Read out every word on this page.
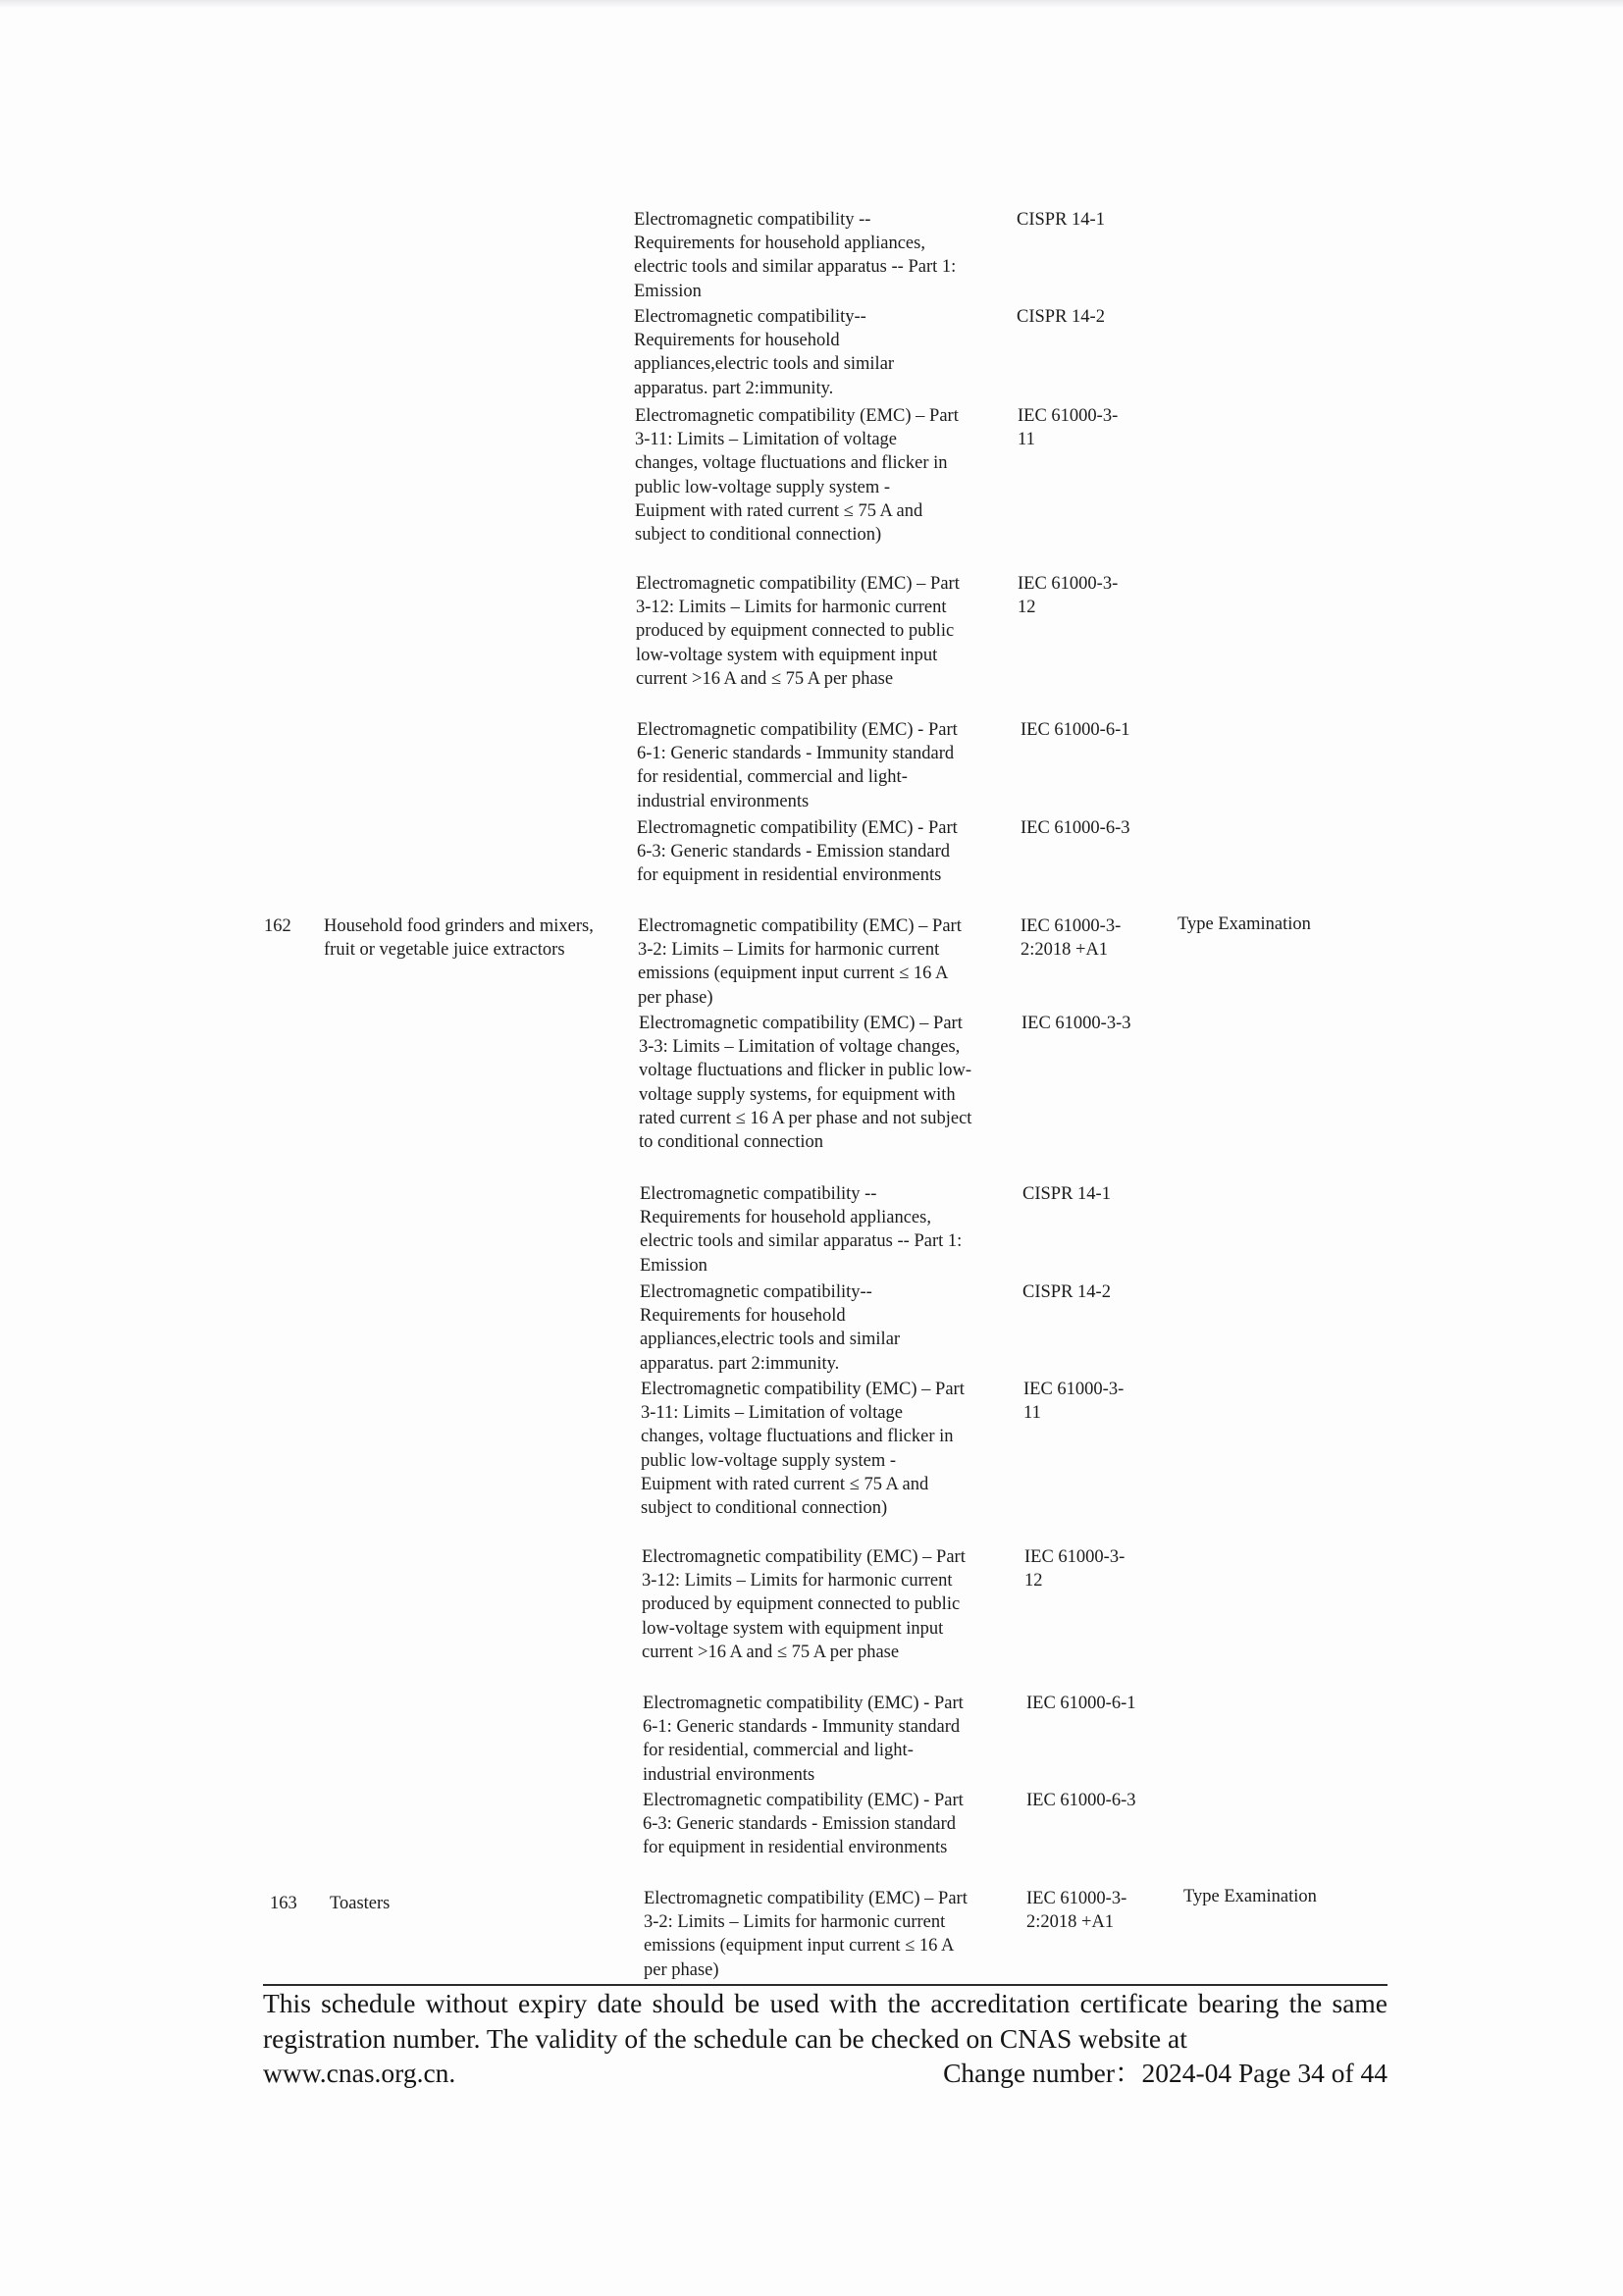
Electromagnetic compatibility -- Requirements for household appliances, electric tools and similar apparatus -- Part 1: Emission
CISPR 14-1
Electromagnetic compatibility-- Requirements for household appliances,electric tools and similar apparatus. part 2:immunity.
CISPR 14-2
Electromagnetic compatibility (EMC) – Part 3-11: Limits – Limitation of voltage changes, voltage fluctuations and flicker in public low-voltage supply system - Euipment with rated current ≤ 75 A and subject to conditional connection)
IEC 61000-3-11
Electromagnetic compatibility (EMC) – Part 3-12: Limits – Limits for harmonic current produced by equipment connected to public low-voltage system with equipment input current >16 A and ≤ 75 A per phase
IEC 61000-3-12
Electromagnetic compatibility (EMC) - Part 6-1: Generic standards - Immunity standard for residential, commercial and light-industrial environments
IEC 61000-6-1
Electromagnetic compatibility (EMC) - Part 6-3: Generic standards - Emission standard for equipment in residential environments
IEC 61000-6-3
162	Household food grinders and mixers, fruit or vegetable juice extractors
Electromagnetic compatibility (EMC) – Part 3-2: Limits – Limits for harmonic current emissions (equipment input current ≤ 16 A per phase)
IEC 61000-3-2:2018 +A1
Type Examination
Electromagnetic compatibility (EMC) – Part 3-3: Limits – Limitation of voltage changes, voltage fluctuations and flicker in public low-voltage supply systems, for equipment with rated current ≤ 16 A per phase and not subject to conditional connection
IEC 61000-3-3
Electromagnetic compatibility -- Requirements for household appliances, electric tools and similar apparatus -- Part 1: Emission
CISPR 14-1
Electromagnetic compatibility-- Requirements for household appliances,electric tools and similar apparatus. part 2:immunity.
CISPR 14-2
Electromagnetic compatibility (EMC) – Part 3-11: Limits – Limitation of voltage changes, voltage fluctuations and flicker in public low-voltage supply system - Euipment with rated current ≤ 75 A and subject to conditional connection)
IEC 61000-3-11
Electromagnetic compatibility (EMC) – Part 3-12: Limits – Limits for harmonic current produced by equipment connected to public low-voltage system with equipment input current >16 A and ≤ 75 A per phase
IEC 61000-3-12
Electromagnetic compatibility (EMC) - Part 6-1: Generic standards - Immunity standard for residential, commercial and light-industrial environments
IEC 61000-6-1
Electromagnetic compatibility (EMC) - Part 6-3: Generic standards - Emission standard for equipment in residential environments
IEC 61000-6-3
163	Toasters	Electromagnetic compatibility (EMC) – Part 3-2: Limits – Limits for harmonic current emissions (equipment input current ≤ 16 A per phase)
IEC 61000-3-2:2018 +A1
Type Examination
This schedule without expiry date should be used with the accreditation certificate bearing the same registration number. The validity of the schedule can be checked on CNAS website at
www.cnas.org.cn.	Change number：2024-04 Page 34 of 44
